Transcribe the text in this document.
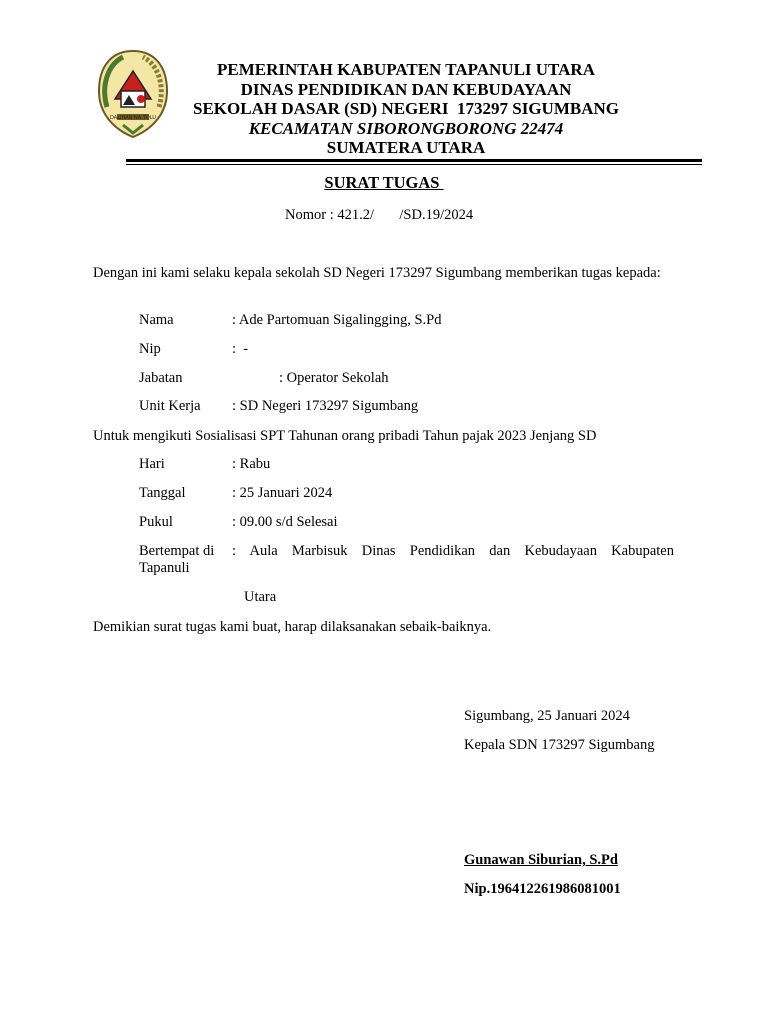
DALIHAN NA TOLU
PEMERINTAH KABUPATEN TAPANULI UTARA
DINAS PENDIDIKAN DAN KEBUDAYAAN
SEKOLAH DASAR (SD) NEGERI  173297 SIGUMBANG
KECAMATAN SIBORONGBORONG 22474
SUMATERA UTARA
SURAT TUGAS
Nomor : 421.2/       /SD.19/2024
Dengan ini kami selaku kepala sekolah SD Negeri 173297 Sigumbang memberikan tugas kepada:
Nama	: Ade Partomuan Sigalingging, S.Pd
Nip	:  -
Jabatan	: Operator Sekolah
Unit Kerja : SD Negeri 173297 Sigumbang
Untuk mengikuti Sosialisasi SPT Tahunan orang pribadi Tahun pajak 2023 Jenjang SD
Hari	: Rabu
Tanggal	: 25 Januari 2024
Pukul	: 09.00 s/d Selesai
Bertempat di : Aula Marbisuk Dinas Pendidikan dan Kebudayaan Kabupaten
Tapanuli
Utara
Demikian surat tugas kami buat, harap dilaksanakan sebaik-baiknya.
Sigumbang, 25 Januari 2024
Kepala SDN 173297 Sigumbang
Gunawan Siburian, S.Pd
Nip.196412261986081001
